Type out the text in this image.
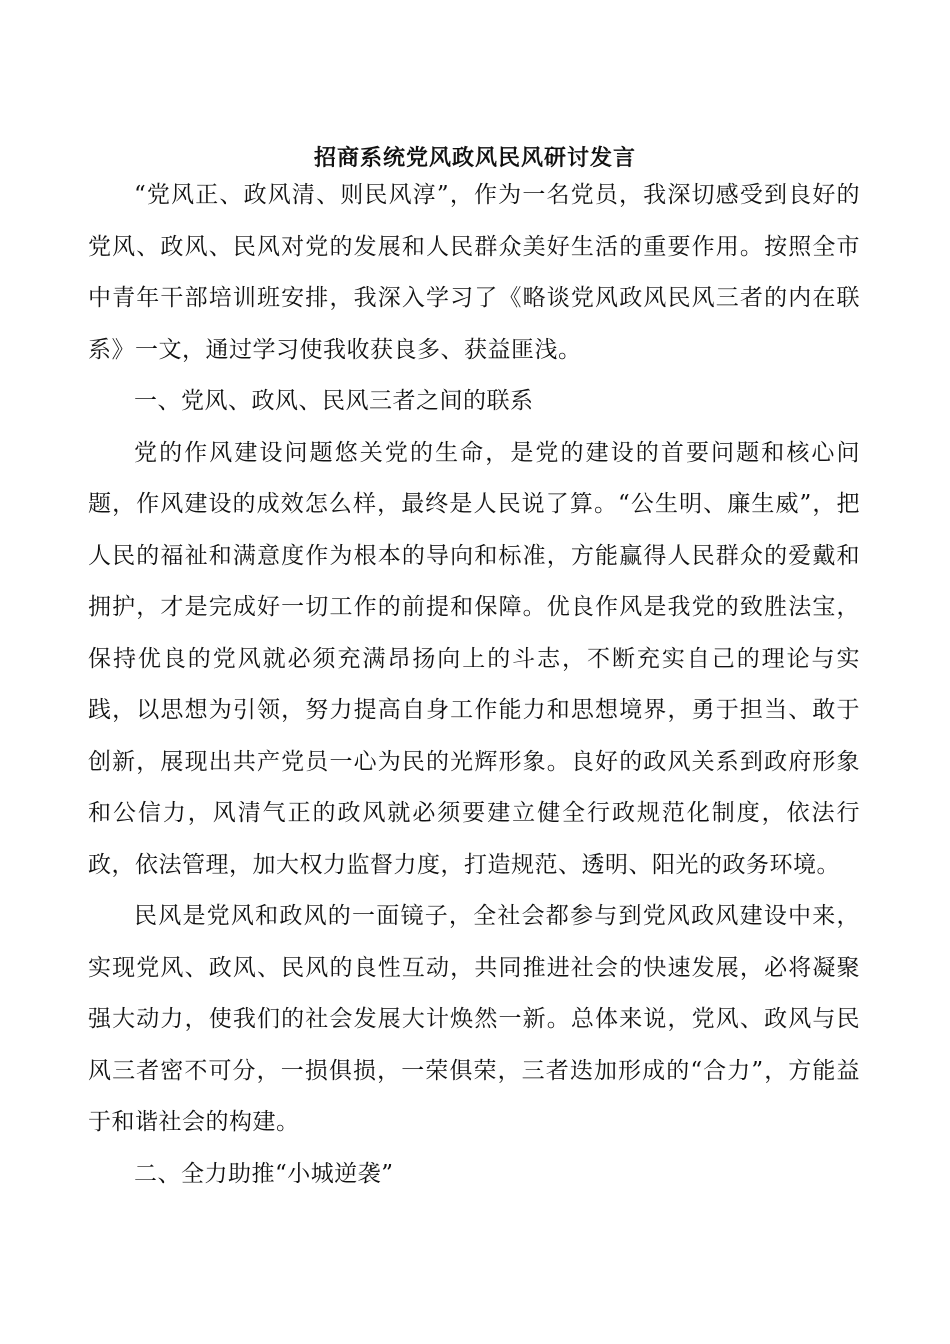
招商系统党风政风民风研讨发言

“党风正、政风清、则民风淳”，作为一名党员，我深切感受到良好的党风、政风、民风对党的发展和人民群众美好生活的重要作用。按照全市中青年干部培训班安排，我深入学习了《略谈党风政风民风三者的内在联系》一文，通过学习使我收获良多、获益匪浅。

一、党风、政风、民风三者之间的联系

党的作风建设问题悠关党的生命，是党的建设的首要问题和核心问题，作风建设的成效怎么样，最终是人民说了算。“公生明、廉生威”，把人民的福祉和满意度作为根本的导向和标准，方能赢得人民群众的爱戴和拥护，才是完成好一切工作的前提和保障。优良作风是我党的致胜法宝，保持优良的党风就必须充满昂扬向上的斗志，不断充实自己的理论与实践，以思想为引领，努力提高自身工作能力和思想境界，勇于担当、敢于创新，展现出共产党员一心为民的光辉形象。良好的政风关系到政府形象和公信力，风清气正的政风就必须要建立健全行政规范化制度，依法行政，依法管理，加大权力监督力度，打造规范、透明、阳光的政务环境。

民风是党风和政风的一面镜子，全社会都参与到党风政风建设中来，实现党风、政风、民风的良性互动，共同推进社会的快速发展，必将凝聚强大动力，使我们的社会发展大计焕然一新。总体来说，党风、政风与民风三者密不可分，一损俱损，一荣俱荣，三者迭加形成的“合力”，方能益于和谐社会的构建。

二、全力助推“小城逆袭”
